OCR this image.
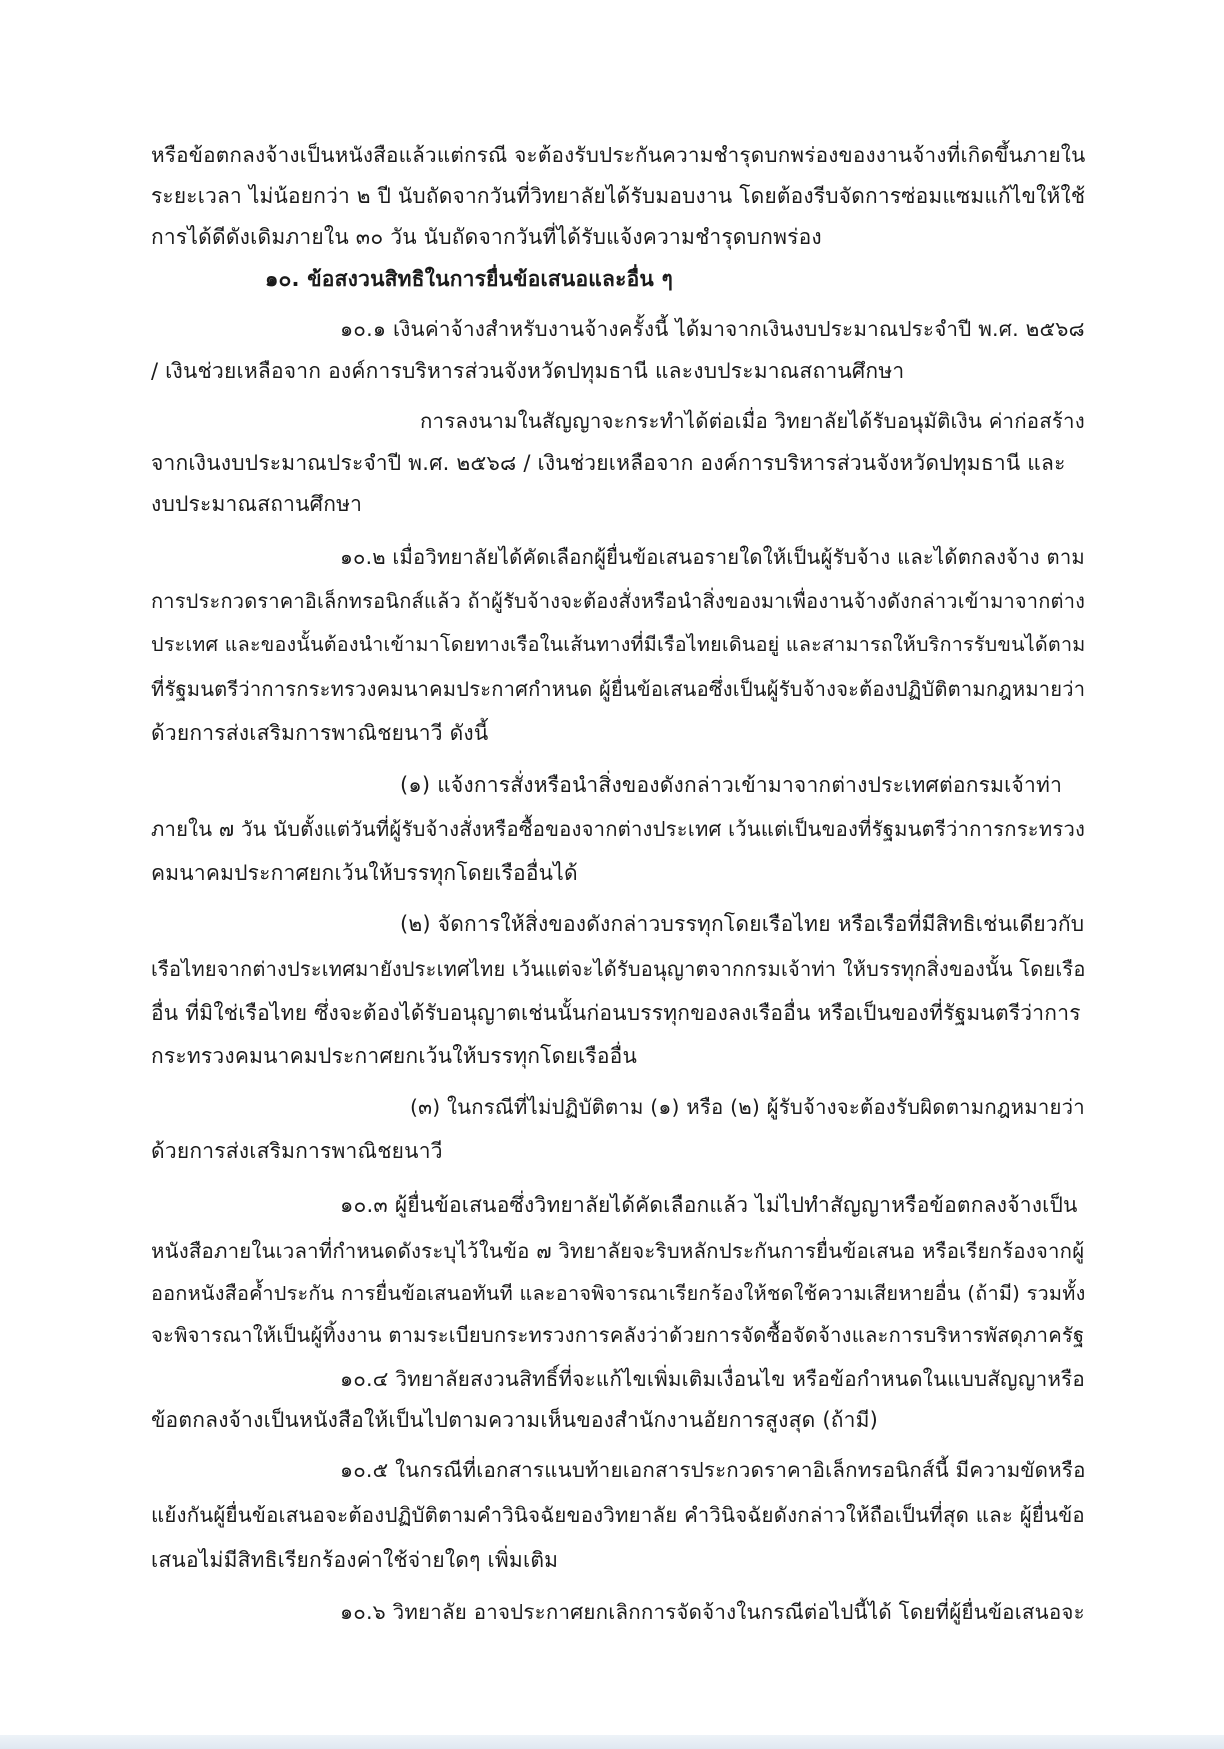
หรือข้อตกลงจ้างเป็นหนังสือแล้วแต่กรณี จะต้องรับประกันความชำรุดบกพร่องของงานจ้างที่เกิดขึ้นภายใน
ระยะเวลา ไม่น้อยกว่า ๒ ปี นับถัดจากวันที่วิทยาลัยได้รับมอบงาน โดยต้องรีบจัดการซ่อมแซมแก้ไขให้ใช้
การได้ดีดังเดิมภายใน ๓๐ วัน นับถัดจากวันที่ได้รับแจ้งความชำรุดบกพร่อง
๑๐. ข้อสงวนสิทธิในการยื่นข้อเสนอและอื่น ๆ
๑๐.๑ เงินค่าจ้างสำหรับงานจ้างครั้งนี้ ได้มาจากเงินงบประมาณประจำปี พ.ศ. ๒๕๖๘
/ เงินช่วยเหลือจาก องค์การบริหารส่วนจังหวัดปทุมธานี และงบประมาณสถานศึกษา
การลงนามในสัญญาจะกระทำได้ต่อเมื่อ วิทยาลัยได้รับอนุมัติเงิน ค่าก่อสร้าง
จากเงินงบประมาณประจำปี พ.ศ. ๒๕๖๘ / เงินช่วยเหลือจาก องค์การบริหารส่วนจังหวัดปทุมธานี และ
งบประมาณสถานศึกษา
๑๐.๒ เมื่อวิทยาลัยได้คัดเลือกผู้ยื่นข้อเสนอรายใดให้เป็นผู้รับจ้าง และได้ตกลงจ้าง ตาม
การประกวดราคาอิเล็กทรอนิกส์แล้ว ถ้าผู้รับจ้างจะต้องสั่งหรือนำสิ่งของมาเพื่องานจ้างดังกล่าวเข้ามาจากต่าง
ประเทศ และของนั้นต้องนำเข้ามาโดยทางเรือในเส้นทางที่มีเรือไทยเดินอยู่ และสามารถให้บริการรับขนได้ตาม
ที่รัฐมนตรีว่าการกระทรวงคมนาคมประกาศกำหนด ผู้ยื่นข้อเสนอซึ่งเป็นผู้รับจ้างจะต้องปฏิบัติตามกฎหมายว่า
ด้วยการส่งเสริมการพาณิชยนาวี ดังนี้
(๑) แจ้งการสั่งหรือนำสิ่งของดังกล่าวเข้ามาจากต่างประเทศต่อกรมเจ้าท่า
ภายใน ๗ วัน นับตั้งแต่วันที่ผู้รับจ้างสั่งหรือซื้อของจากต่างประเทศ เว้นแต่เป็นของที่รัฐมนตรีว่าการกระทรวง
คมนาคมประกาศยกเว้นให้บรรทุกโดยเรืออื่นได้
(๒) จัดการให้สิ่งของดังกล่าวบรรทุกโดยเรือไทย หรือเรือที่มีสิทธิเช่นเดียวกับ
เรือไทยจากต่างประเทศมายังประเทศไทย เว้นแต่จะได้รับอนุญาตจากกรมเจ้าท่า ให้บรรทุกสิ่งของนั้น โดยเรือ
อื่น ที่มิใช่เรือไทย ซึ่งจะต้องได้รับอนุญาตเช่นนั้นก่อนบรรทุกของลงเรืออื่น หรือเป็นของที่รัฐมนตรีว่าการ
กระทรวงคมนาคมประกาศยกเว้นให้บรรทุกโดยเรืออื่น
(๓) ในกรณีที่ไม่ปฏิบัติตาม (๑) หรือ (๒) ผู้รับจ้างจะต้องรับผิดตามกฎหมายว่า
ด้วยการส่งเสริมการพาณิชยนาวี
๑๐.๓ ผู้ยื่นข้อเสนอซึ่งวิทยาลัยได้คัดเลือกแล้ว ไม่ไปทำสัญญาหรือข้อตกลงจ้างเป็น
หนังสือภายในเวลาที่กำหนดดังระบุไว้ในข้อ ๗ วิทยาลัยจะริบหลักประกันการยื่นข้อเสนอ หรือเรียกร้องจากผู้
ออกหนังสือค้ำประกัน การยื่นข้อเสนอทันที และอาจพิจารณาเรียกร้องให้ชดใช้ความเสียหายอื่น (ถ้ามี) รวมทั้ง
จะพิจารณาให้เป็นผู้ทิ้งงาน ตามระเบียบกระทรวงการคลังว่าด้วยการจัดซื้อจัดจ้างและการบริหารพัสดุภาครัฐ
๑๐.๔ วิทยาลัยสงวนสิทธิ์ที่จะแก้ไขเพิ่มเติมเงื่อนไข หรือข้อกำหนดในแบบสัญญาหรือ
ข้อตกลงจ้างเป็นหนังสือให้เป็นไปตามความเห็นของสำนักงานอัยการสูงสุด (ถ้ามี)
๑๐.๕ ในกรณีที่เอกสารแนบท้ายเอกสารประกวดราคาอิเล็กทรอนิกส์นี้ มีความขัดหรือ
แย้งกันผู้ยื่นข้อเสนอจะต้องปฏิบัติตามคำวินิจฉัยของวิทยาลัย คำวินิจฉัยดังกล่าวให้ถือเป็นที่สุด และ ผู้ยื่นข้อ
เสนอไม่มีสิทธิเรียกร้องค่าใช้จ่ายใดๆ เพิ่มเติม
๑๐.๖ วิทยาลัย อาจประกาศยกเลิกการจัดจ้างในกรณีต่อไปนี้ได้ โดยที่ผู้ยื่นข้อเสนอจะ
